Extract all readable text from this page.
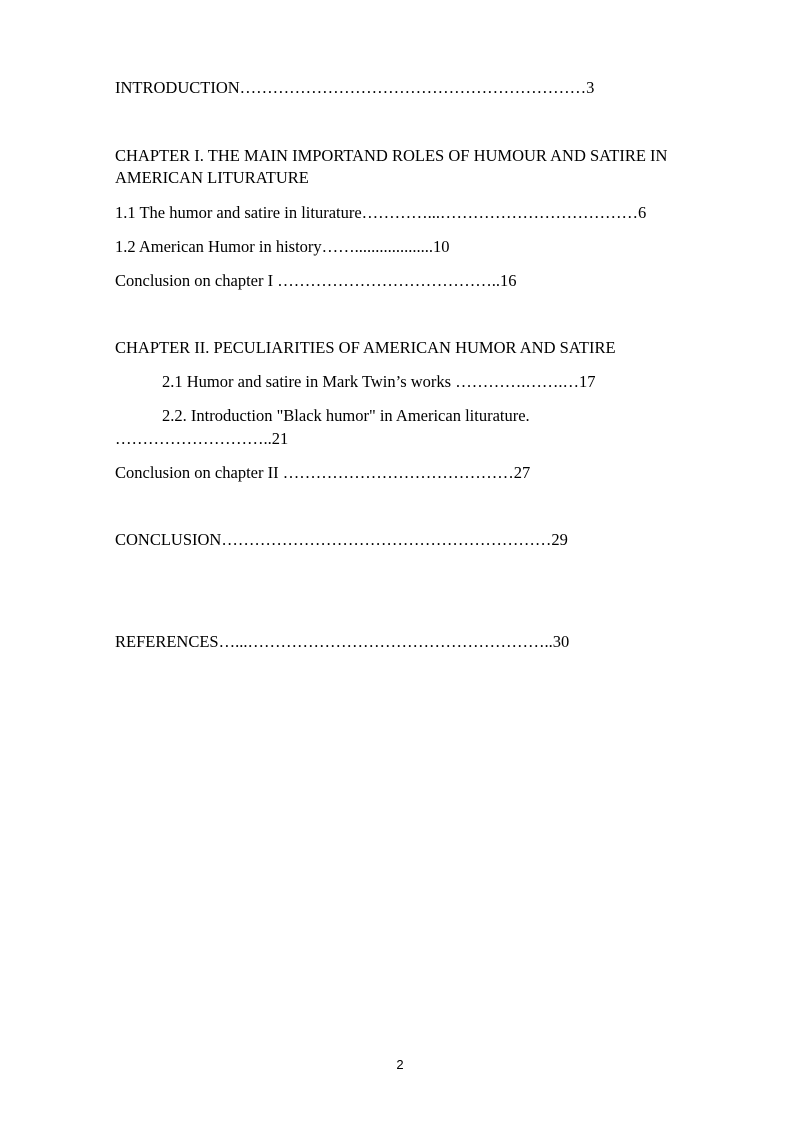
INTRODUCTION………………………………………………………3
CHAPTER I. THE MAIN IMPORTAND ROLES OF HUMOUR AND SATIRE IN AMERICAN LITURATURE
1.1 The humor and satire in liturature…………...………………………………6
1.2 American Humor in history……...................10
Conclusion on chapter I …………………………………..16
CHAPTER II. PECULIARITIES OF AMERICAN HUMOR AND SATIRE
2.1 Humor and satire in Mark Twin’s works ………….…….…17
2.2. Introduction "Black humor" in American liturature.
………………………..21
Conclusion on chapter II ……………………………………27
CONCLUSION……………………………………………………29
REFERENCES…...………………………………………………..30
2
